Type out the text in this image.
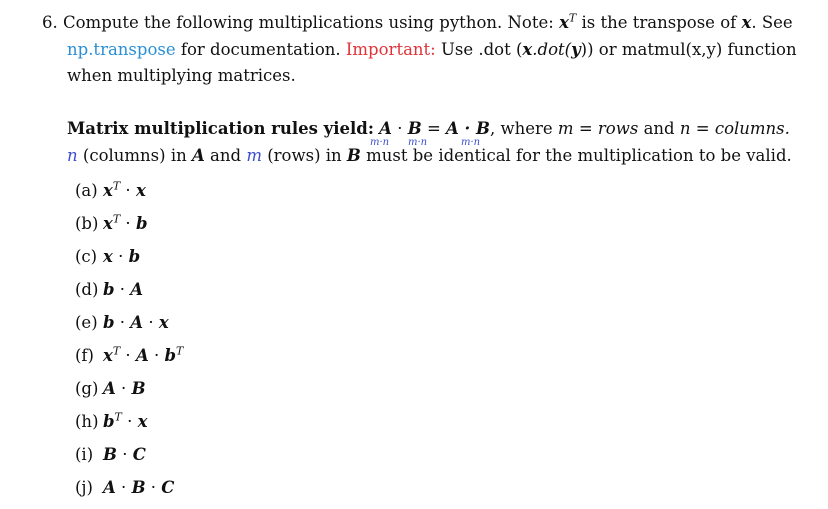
6. Compute the following multiplications using python. Note: $x^T$ is the transpose of x. See
np.transpose for documentation. Important: Use .dot (x.dot(y)) or matmul(x,y) function
when multiplying matrices.
Matrix multiplication rules yield: A · B = A · B, where m = rows and n = columns.
m·n m·n	m·n
n (columns) in A and m (rows) in B must be identical for the multiplication to be valid.
(a) $x^T \cdot x$
(b) $x^T \cdot b$
(c) x · b
(d) b · A
(e) b · A · x
(f) $x^T \cdot A \cdot b^T$
(g) A · B
(h) $b^T \cdot x$
(i) B · C
(j) A · B · C
